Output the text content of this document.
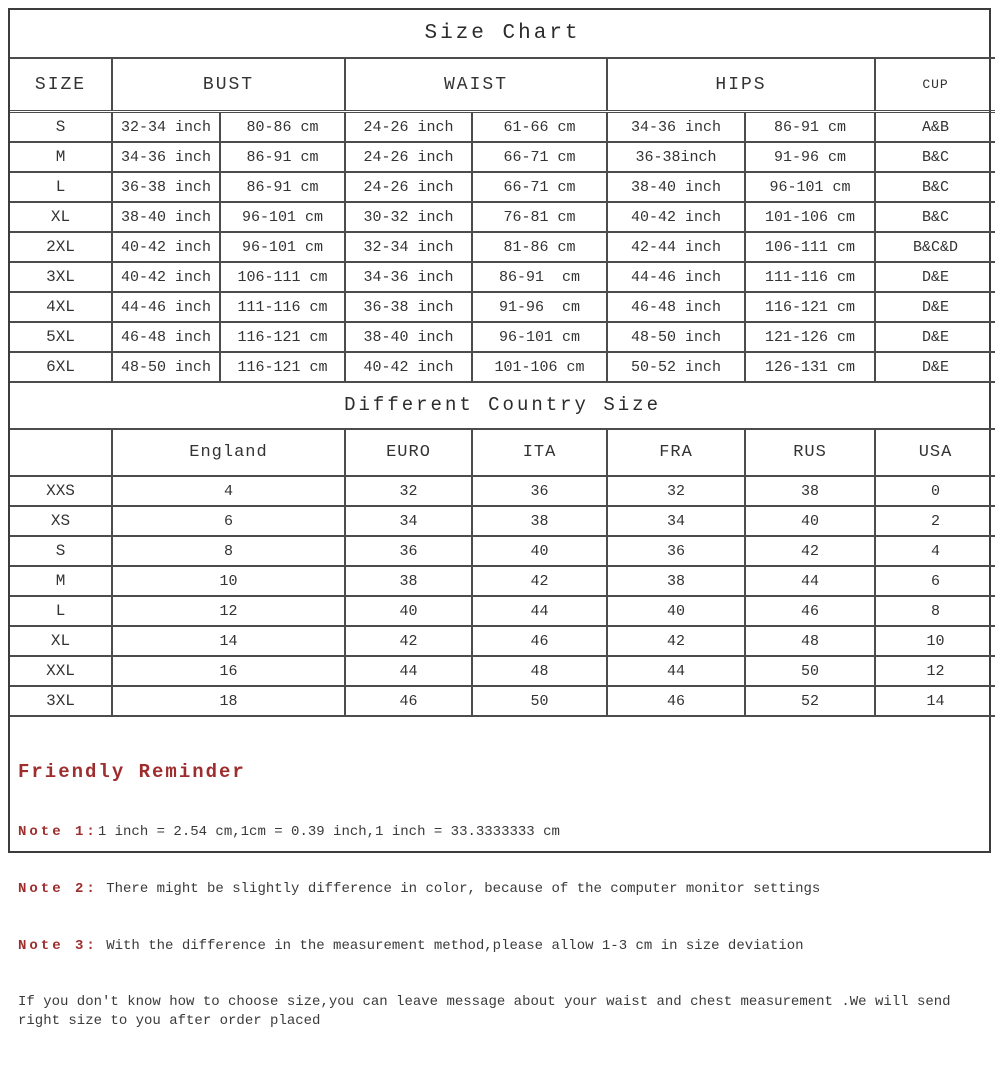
Size Chart							
SIZE	BUST		WAIST		HIPS		CUP
S	32-34 inch	80-86 cm	24-26 inch	61-66 cm	34-36 inch	86-91 cm	A&B
M	34-36 inch	86-91 cm	24-26 inch	66-71 cm	36-38inch	91-96 cm	B&C
L	36-38 inch	86-91 cm	24-26 inch	66-71 cm	38-40 inch	96-101 cm	B&C
XL	38-40 inch	96-101 cm	30-32 inch	76-81 cm	40-42 inch	101-106 cm	B&C
2XL	40-42 inch	96-101 cm	32-34 inch	81-86 cm	42-44 inch	106-111 cm	B&C&D
3XL	40-42 inch	106-111 cm	34-36 inch	86-91  cm	44-46 inch	111-116 cm	D&E
4XL	44-46 inch	111-116 cm	36-38 inch	91-96  cm	46-48 inch	116-121 cm	D&E
5XL	46-48 inch	116-121 cm	38-40 inch	96-101 cm	48-50 inch	121-126 cm	D&E
6XL	48-50 inch	116-121 cm	40-42 inch	101-106 cm	50-52 inch	126-131 cm	D&E
Different Country Size						
	England	EURO	ITA	FRA	RUS	USA
XXS	4	32	36	32	38	0
XS	6	34	38	34	40	2
S	8	36	40	36	42	4
M	10	38	42	38	44	6
L	12	40	44	40	46	8
XL	14	42	46	42	48	10
XXL	16	44	48	44	50	12
3XL	18	46	50	46	52	14

Friendly Reminder

Note 1:1 inch = 2.54 cm,1cm = 0.39 inch,1 inch = 33.3333333 cm

Note 2: There might be slightly difference in color, because of the computer monitor settings

Note 3: With the difference in the measurement method,please allow 1-3 cm in size deviation

If you don't know how to choose size,you can leave message about your waist and chest measurement .We will send right size to you after order placed
